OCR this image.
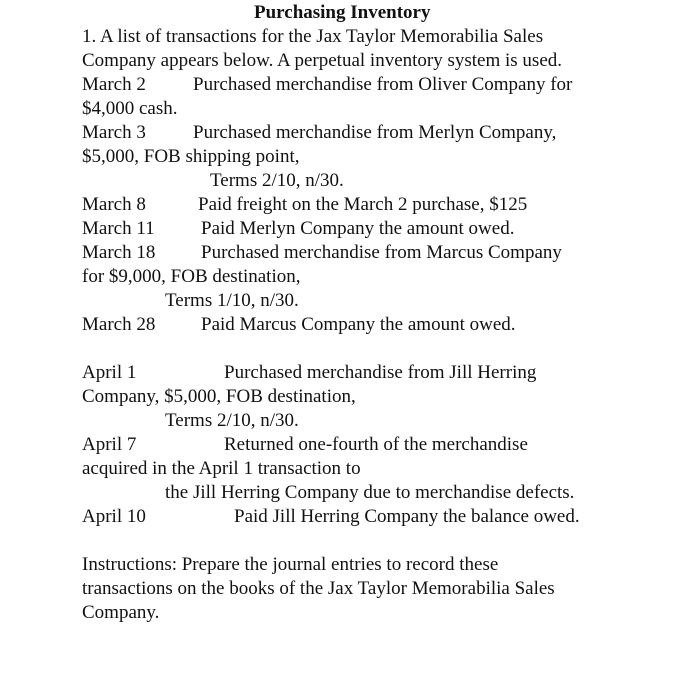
Purchasing Inventory
1. A list of transactions for the Jax Taylor Memorabilia Sales
Company appears below. A perpetual inventory system is used.
March 2 Purchased merchandise from Oliver Company for
$4,000 cash.
March 3 Purchased merchandise from Merlyn Company,
$5,000, FOB shipping point,
Terms 2/10, n/30.
March 8	Paid freight on the March 2 purchase, $125
March 11 Paid Merlyn Company the amount owed.
March 18 Purchased merchandise from Marcus Company
for $9,000, FOB destination,
Terms 1/10, n/30.
March 28 Paid Marcus Company the amount owed.
April 1	Purchased merchandise from Jill Herring
Company, $5,000, FOB destination,
Terms 2/10, n/30.
April 7	Returned one-fourth of the merchandise
acquired in the April 1 transaction to
the Jill Herring Company due to merchandise defects.
April 10	Paid Jill Herring Company the balance owed.
Instructions: Prepare the journal entries to record these
transactions on the books of the Jax Taylor Memorabilia Sales
Company.
